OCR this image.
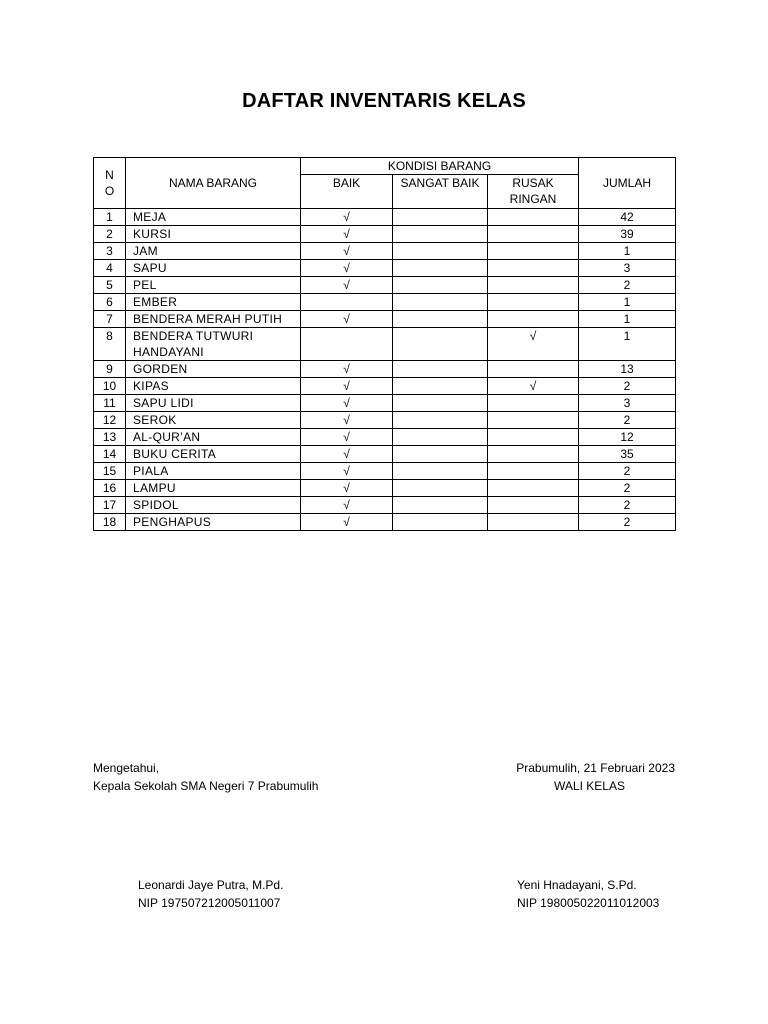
DAFTAR INVENTARIS KELAS
N
O	NAMA BARANG	KONDISI BARANG			JUMLAH
		BAIK	SANGAT BAIK	RUSAK
RINGAN	

1	MEJA	√			42
2	KURSI	√			39
3	JAM	√			1
4	SAPU	√			3
5	PEL	√			2
6	EMBER				1
7	BENDERA MERAH PUTIH	√			1
8	BENDERA TUTWURI
HANDAYANI			√	1
9	GORDEN	√			13
10	KIPAS	√		√	2
11	SAPU LIDI	√			3
12	SEROK	√			2
13	AL-QUR’AN	√			12
14	BUKU CERITA	√			35
15	PIALA	√			2
16	LAMPU	√			2
17	SPIDOL	√			2
18	PENGHAPUS	√			2
Mengetahui,
Kepala Sekolah SMA Negeri 7 Prabumulih
Prabumulih, 21 Februari 2023
WALI KELAS
Leonardi Jaye Putra, M.Pd.
NIP 197507212005011007
Yeni Hnadayani, S.Pd.
NIP 198005022011012003
